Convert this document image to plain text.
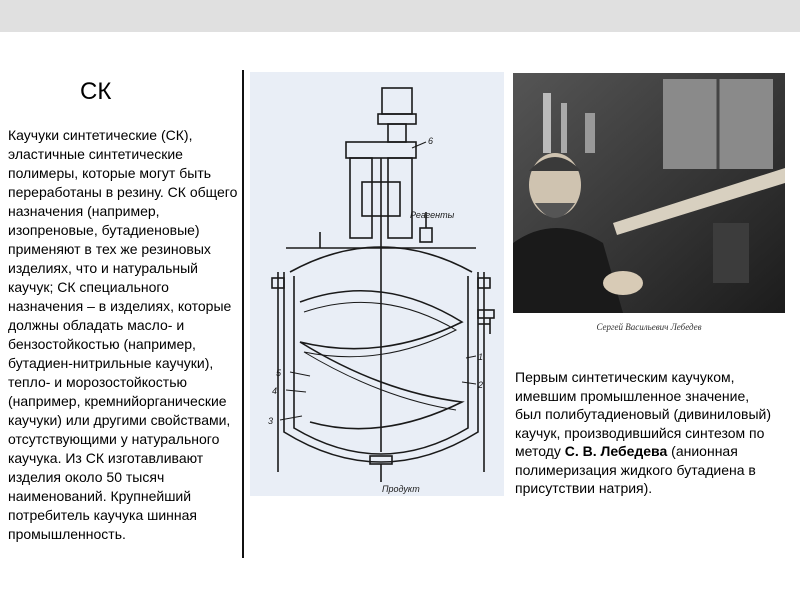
СК
Каучуки синтетические (СК), эластичные синтетические полимеры, которые могут быть переработаны в резину. СК общего назначения (например, изопреновые, бутадиеновые) применяют в тех же резиновых изделиях, что и натуральный каучук; СК специального назначения – в изделиях, которые должны обладать масло- и бензостойкостью (например, бутадиен-нитрильные каучуки), тепло- и морозостойкостью (например, кремнийорганические каучуки) или другими свойствами, отсутствующими у натурального каучука. Из СК изготавливают изделия около 50 тысяч наименований. Крупнейший потребитель каучука шинная промышленность.
Реагенты
Продукт
6
5
4
3
2
1
Сергей Васильевич Лебедев
Первым синтетическим каучуком, имевшим промышленное значение, был полибутадиеновый (дивиниловый) каучук, производившийся синтезом по методу С. В. Лебедева (анионная полимеризация жидкого бутадиена в присутствии натрия).
